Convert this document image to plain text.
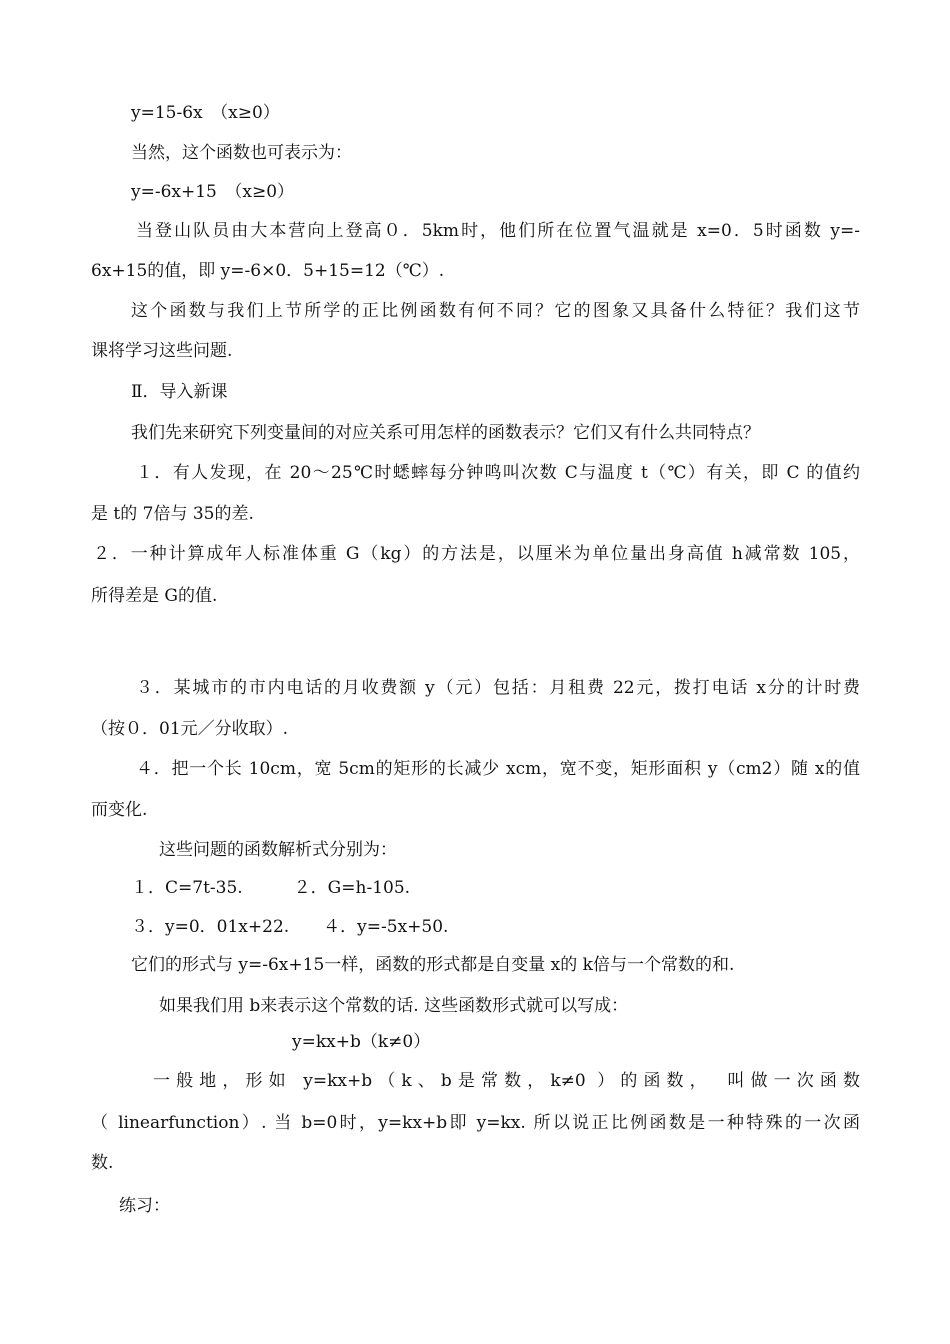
y=15-6x　（x≥0）
当然，这个函数也可表示为：
y=-6x+15　（x≥0）
当登山队员由大本营向上登高０．5km时，他们所在位置气温就是 x=0．5时函数 y=-
6x+15的值，即 y=-6×0．5+15=12（℃）.
这个函数与我们上节所学的正比例函数有何不同？它的图象又具备什么特征？我们这节
课将学习这些问题.
Ⅱ．导入新课
我们先来研究下列变量间的对应关系可用怎样的函数表示？它们又有什么共同特点？
１．有人发现，在 20～25℃时蟋蟀每分钟鸣叫次数 C与温度 t（℃）有关，即 C 的值约
是 t的 7倍与 35的差.
２．一种计算成年人标准体重 G（kg）的方法是，以厘米为单位量出身高值 h减常数 105，
所得差是 G的值.
３．某城市的市内电话的月收费额 y（元）包括：月租费 22元，拨打电话 x分的计时费
（按０．01元／分收取）.
４．把一个长 10cm，宽 5cm的矩形的长减少 xcm，宽不变，矩形面积 y（cm2）随 x的值
而变化.
这些问题的函数解析式分别为：
１．C=7t-35.　　　２．G=h-105.
３．y=0．01x+22.　　４．y=-5x+50.
它们的形式与 y=-6x+15一样，函数的形式都是自变量 x的 k倍与一个常数的和.
如果我们用 b来表示这个常数的话. 这些函数形式就可以写成：
y=kx+b（k≠0）
一般地，形如 y=kx+b（k、b是常数，k≠0 ）的函数，　叫做一次函数
（ linearfunction）. 当 b=0时，y=kx+b即 y=kx. 所以说正比例函数是一种特殊的一次函
数.
练习：
